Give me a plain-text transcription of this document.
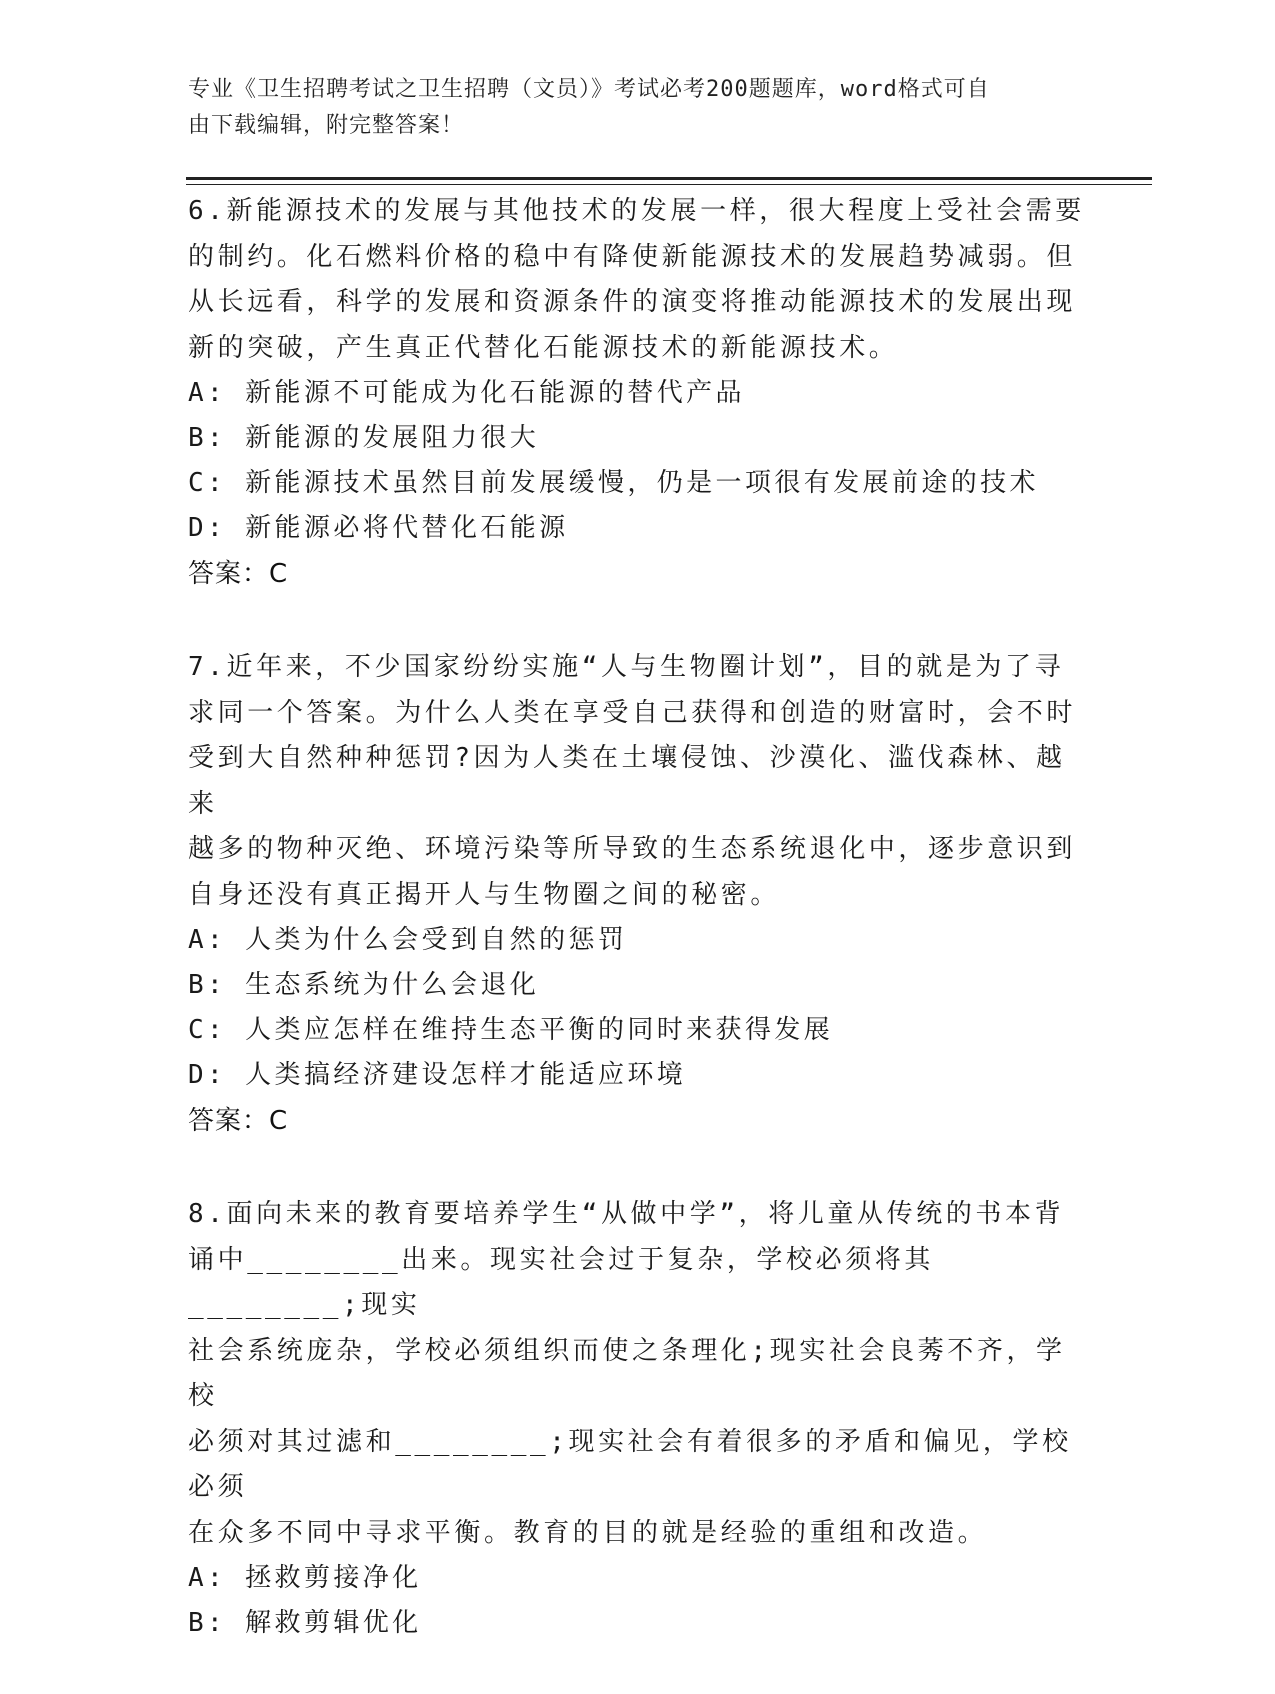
专业《卫生招聘考试之卫生招聘（文员）》考试必考200题题库，word格式可自
由下载编辑，附完整答案！

6.新能源技术的发展与其他技术的发展一样，很大程度上受社会需要
的制约。化石燃料价格的稳中有降使新能源技术的发展趋势减弱。但
从长远看，科学的发展和资源条件的演变将推动能源技术的发展出现
新的突破，产生真正代替化石能源技术的新能源技术。

A: 新能源不可能成为化石能源的替代产品
B: 新能源的发展阻力很大
C: 新能源技术虽然目前发展缓慢，仍是一项很有发展前途的技术
D: 新能源必将代替化石能源
答案：C

7.近年来，不少国家纷纷实施“人与生物圈计划”，目的就是为了寻
求同一个答案。为什么人类在享受自己获得和创造的财富时，会不时
受到大自然种种惩罚?因为人类在土壤侵蚀、沙漠化、滥伐森林、越来
越多的物种灭绝、环境污染等所导致的生态系统退化中，逐步意识到
自身还没有真正揭开人与生物圈之间的秘密。

A: 人类为什么会受到自然的惩罚
B: 生态系统为什么会退化
C: 人类应怎样在维持生态平衡的同时来获得发展
D: 人类搞经济建设怎样才能适应环境
答案：C

8.面向未来的教育要培养学生“从做中学”，将儿童从传统的书本背
诵中________出来。现实社会过于复杂，学校必须将其________;现实
社会系统庞杂，学校必须组织而使之条理化;现实社会良莠不齐，学校
必须对其过滤和________;现实社会有着很多的矛盾和偏见，学校必须
在众多不同中寻求平衡。教育的目的就是经验的重组和改造。

A: 拯救剪接净化
B: 解救剪辑优化
